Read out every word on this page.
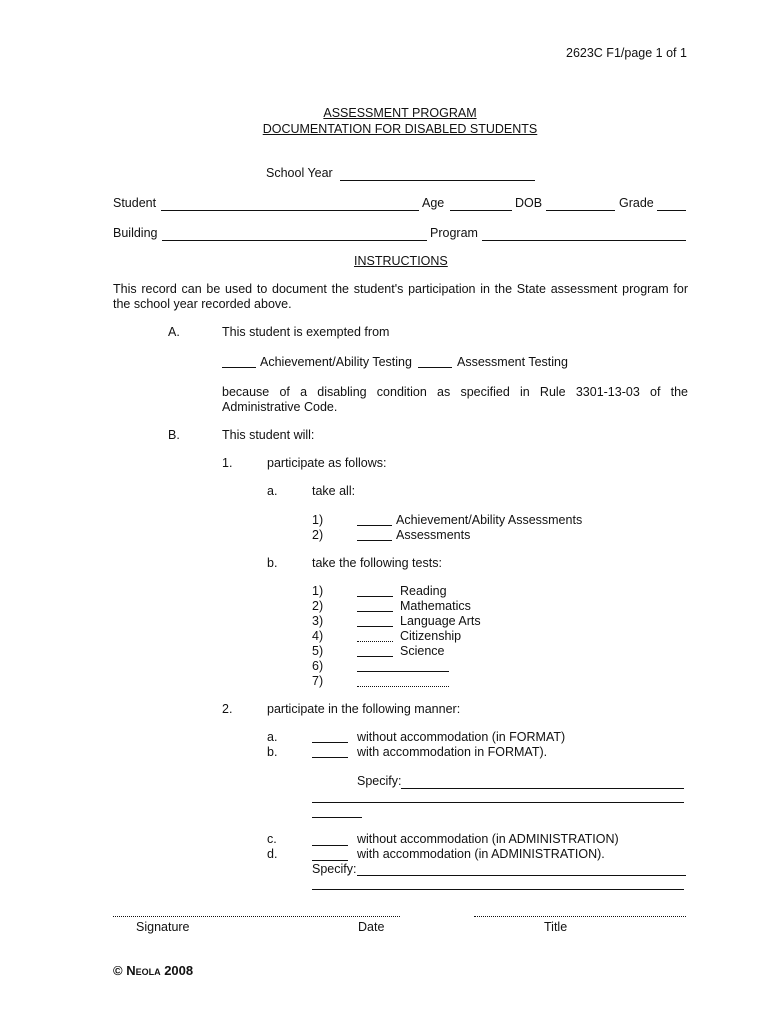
2623C F1/page 1 of 1
ASSESSMENT PROGRAM
DOCUMENTATION FOR DISABLED STUDENTS
School Year
Student	Age	DOB	Grade
Building	Program
INSTRUCTIONS
This record can be used to document the student's participation in the State assessment program for the school year recorded above.
A.	This student is exempted from
Achievement/Ability Testing	Assessment Testing
because of a disabling condition as specified in Rule 3301-13-03 of the Administrative Code.
B.	This student will:
1.	participate as follows:
a.	take all:
1)	Achievement/Ability Assessments
2)	Assessments
b.	take the following tests:
1)	Reading
2)	Mathematics
3)	Language Arts
4)	Citizenship
5)	Science
6)
7)
2.	participate in the following manner:
a.	without accommodation (in FORMAT)
b.	with accommodation in FORMAT).
Specify:
c.	without accommodation (in ADMINISTRATION)
d.	with accommodation (in ADMINISTRATION).
Specify:
Signature	Date	Title
© Neola 2008
